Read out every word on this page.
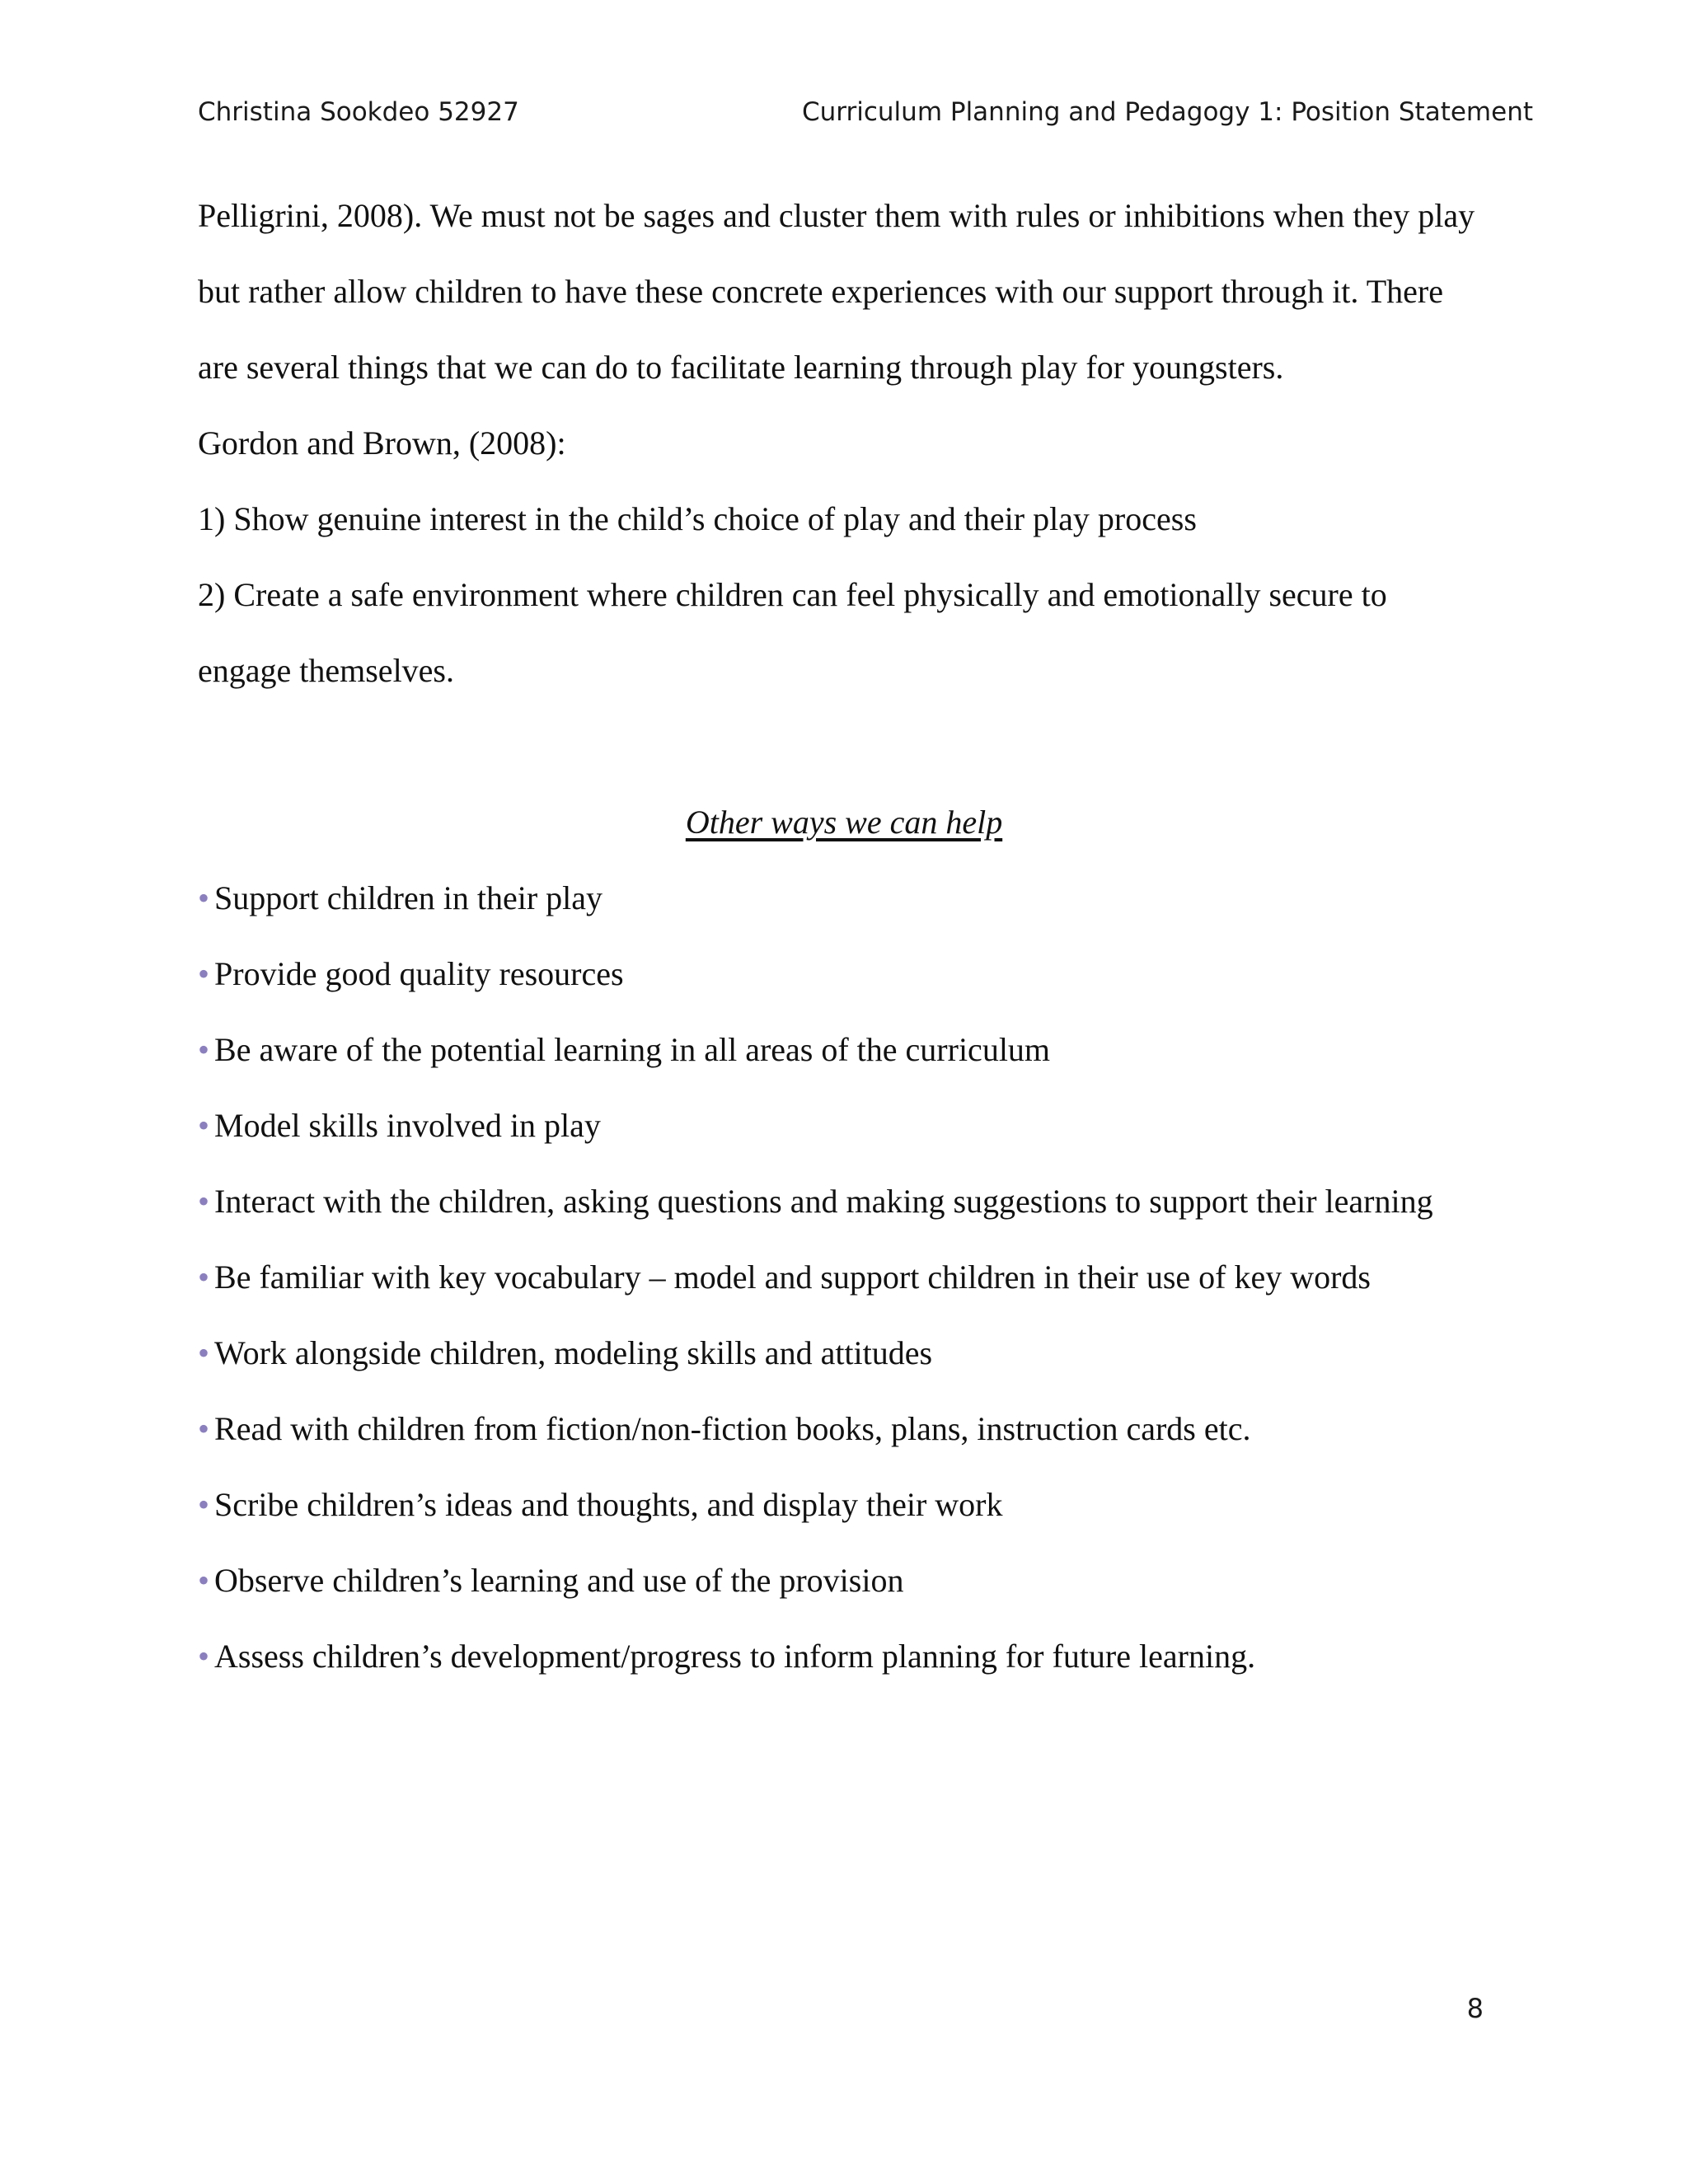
Christina Sookdeo 52927	Curriculum Planning and Pedagogy 1: Position Statement

Pelligrini, 2008). We must not be sages and cluster them with rules or inhibitions when they play

but rather allow children to have these concrete experiences with our support through it. There

are several things that we can do to facilitate learning through play for youngsters.

Gordon and Brown, (2008):

1) Show genuine interest in the child’s choice of play and their play process

2) Create a safe environment where children can feel physically and emotionally secure to

engage themselves.

Other ways we can help
• Support children in their play
• Provide good quality resources
• Be aware of the potential learning in all areas of the curriculum
• Model skills involved in play
• Interact with the children, asking questions and making suggestions to support their learning
• Be familiar with key vocabulary – model and support children in their use of key words
• Work alongside children, modeling skills and attitudes
• Read with children from fiction/non-fiction books, plans, instruction cards etc.
• Scribe children’s ideas and thoughts, and display their work
• Observe children’s learning and use of the provision
• Assess children’s development/progress to inform planning for future learning.
8
